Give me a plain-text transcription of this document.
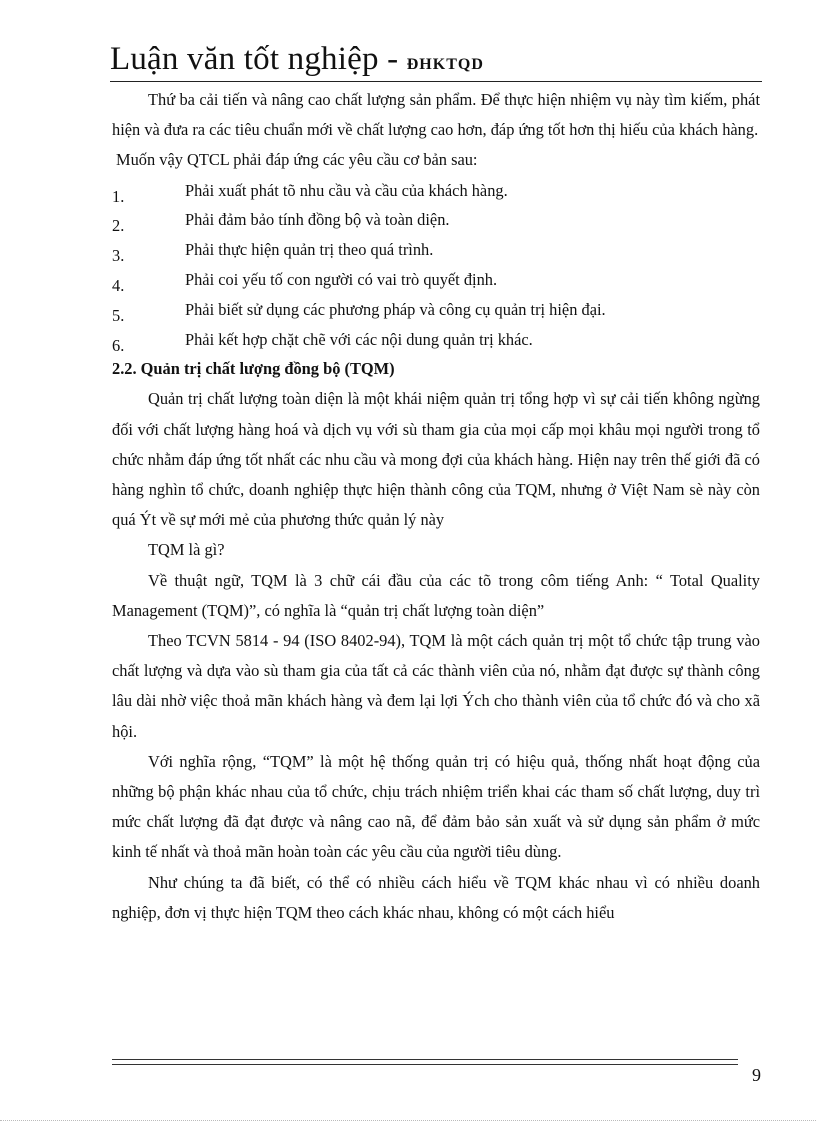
Luận văn tốt nghiệp - ĐHKTQD

Thứ ba cải tiến và nâng cao chất lượng sản phẩm. Để thực hiện nhiệm vụ này tìm kiếm, phát hiện và đưa ra các tiêu chuẩn mới về chất lượng cao hơn, đáp ứng tốt hơn thị hiếu của khách hàng.

Muốn vậy QTCL phải đáp ứng các yêu cầu cơ bản sau:

1.	Phải xuất phát tõ nhu cầu và cầu của khách hàng.
2.	Phải đảm bảo tính đồng bộ và toàn diện.
3.	Phải thực hiện quản trị theo quá trình.
4.	Phải coi yếu tố con người có vai trò quyết định.
5.	Phải biết sử dụng các phương pháp và công cụ quản trị hiện đại.
6.	Phải kết hợp chặt chẽ với các nội dung quản trị khác.

2.2. Quản trị chất lượng đồng bộ (TQM)

Quản trị chất lượng toàn diện là một khái niệm quản trị tổng hợp vì sự cải tiến không ngừng đối với chất lượng hàng hoá và dịch vụ với sù tham gia của mọi cấp mọi khâu mọi người trong tổ chức nhằm đáp ứng tốt nhất các nhu cầu và mong đợi của khách hàng. Hiện nay trên thế giới đã có hàng nghìn tổ chức, doanh nghiệp thực hiện thành công của TQM, nhưng ở Việt Nam sè này còn quá Ýt về sự mới mẻ của phương thức quản lý này

TQM là gì?

Về thuật ngữ, TQM là 3 chữ cái đầu của các tõ trong côm tiếng Anh: “ Total Quality Management (TQM)”, có nghĩa là “quản trị chất lượng toàn diện”

Theo TCVN 5814 - 94 (ISO 8402-94), TQM là một cách quản trị một tổ chức tập trung vào chất lượng và dựa vào sù tham gia của tất cả các thành viên của nó, nhằm đạt được sự thành công lâu dài nhờ việc thoả mãn khách hàng và đem lại lợi Ých cho thành viên của tổ chức đó và cho xã hội.

Với nghĩa rộng, “TQM” là một hệ thống quản trị có hiệu quả, thống nhất hoạt động của những bộ phận khác nhau của tổ chức, chịu trách nhiệm triển khai các tham số chất lượng, duy trì mức chất lượng đã đạt được và nâng cao nã, để đảm bảo sản xuất và sử dụng sản phẩm ở mức kinh tế nhất và thoả mãn hoàn toàn các yêu cầu của người tiêu dùng.

Như chúng ta đã biết, có thể có nhiều cách hiểu về TQM khác nhau vì có nhiều doanh nghiệp, đơn vị thực hiện TQM theo cách khác nhau, không có một cách hiểu

9
